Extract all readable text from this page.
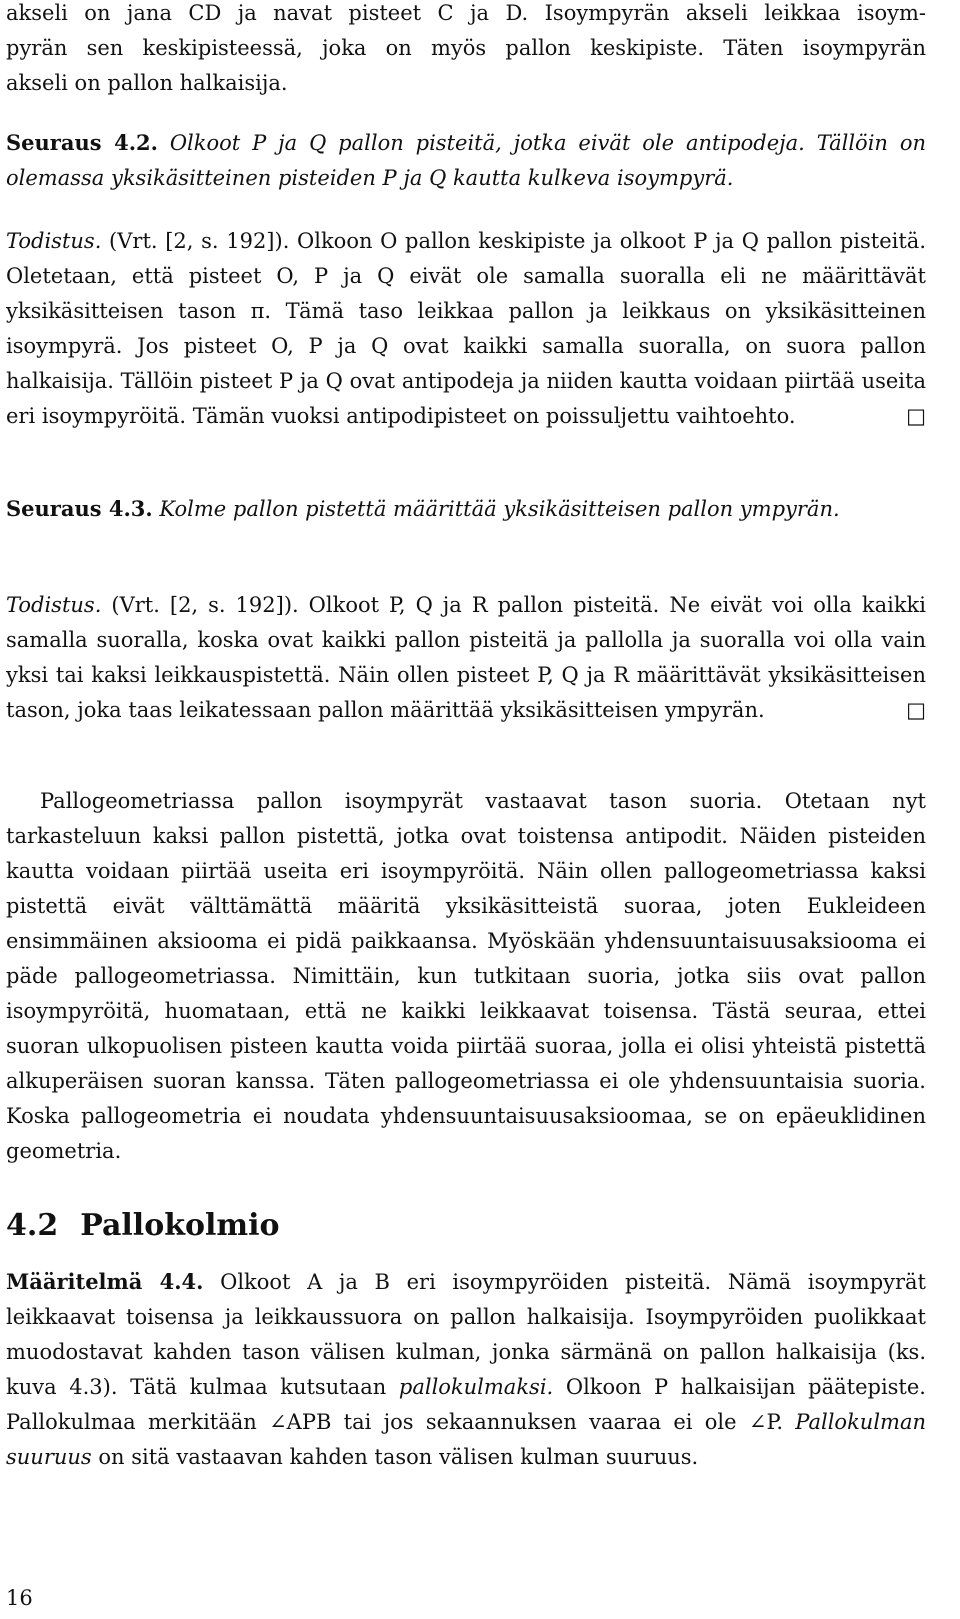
akseli on jana CD ja navat pisteet C ja D. Isoympyrän akseli leikkaa isoym-

pyrän sen keskipisteessä, joka on myös pallon keskipiste. Täten isoympyrän

akseli on pallon halkaisija.

Seuraus 4.2. Olkoot P ja Q pallon pisteitä, jotka eivät ole antipodeja. Tällöin on olemassa yksikäsitteinen pisteiden P ja Q kautta kulkeva isoympyrä.

Todistus. (Vrt. [2, s. 192]). Olkoon O pallon keskipiste ja olkoot P ja Q pallon pisteitä. Oletetaan, että pisteet O, P ja Q eivät ole samalla suoralla eli ne määrittävät yksikäsitteisen tason π. Tämä taso leikkaa pallon ja leikkaus on yksikäsitteinen isoympyrä. Jos pisteet O, P ja Q ovat kaikki samalla suoralla, on suora pallon halkaisija. Tällöin pisteet P ja Q ovat antipodeja ja niiden kautta voidaan piirtää useita eri isoympyröitä. Tämän vuoksi antipodipisteet on poissuljettu vaihtoehto.	□

Seuraus 4.3. Kolme pallon pistettä määrittää yksikäsitteisen pallon ympyrän.

Todistus. (Vrt. [2, s. 192]). Olkoot P, Q ja R pallon pisteitä. Ne eivät voi olla kaikki samalla suoralla, koska ovat kaikki pallon pisteitä ja pallolla ja suoralla voi olla vain yksi tai kaksi leikkauspistettä. Näin ollen pisteet P, Q ja R määrittävät yksikäsitteisen tason, joka taas leikatessaan pallon määrittää yksikäsitteisen ympyrän.	□

Pallogeometriassa pallon isoympyrät vastaavat tason suoria. Otetaan nyt tarkasteluun kaksi pallon pistettä, jotka ovat toistensa antipodit. Näiden pisteiden kautta voidaan piirtää useita eri isoympyröitä. Näin ollen pallogeometriassa kaksi pistettä eivät välttämättä määritä yksikäsitteistä suoraa, joten Eukleideen ensimmäinen aksiooma ei pidä paikkaansa. Myöskään yhdensuuntaisuusaksiooma ei päde pallogeometriassa. Nimittäin, kun tutkitaan suoria, jotka siis ovat pallon isoympyröitä, huomataan, että ne kaikki leikkaavat toisensa. Tästä seuraa, ettei suoran ulkopuolisen pisteen kautta voida piirtää suoraa, jolla ei olisi yhteistä pistettä alkuperäisen suoran kanssa. Täten pallogeometriassa ei ole yhdensuuntaisia suoria. Koska pallogeometria ei noudata yhdensuuntaisuusaksioomaa, se on epäeuklidinen geometria.

4.2 Pallokolmio

Määritelmä 4.4. Olkoot A ja B eri isoympyröiden pisteitä. Nämä isoympyrät leikkaavat toisensa ja leikkaussuora on pallon halkaisija. Isoympyröiden puolikkaat muodostavat kahden tason välisen kulman, jonka särmänä on pallon halkaisija (ks. kuva 4.3). Tätä kulmaa kutsutaan pallokulmaksi. Olkoon P halkaisijan päätepiste. Pallokulmaa merkitään ∠APB tai jos sekaannuksen vaaraa ei ole ∠P. Pallokulman suuruus on sitä vastaavan kahden tason välisen kulman suuruus.

16
